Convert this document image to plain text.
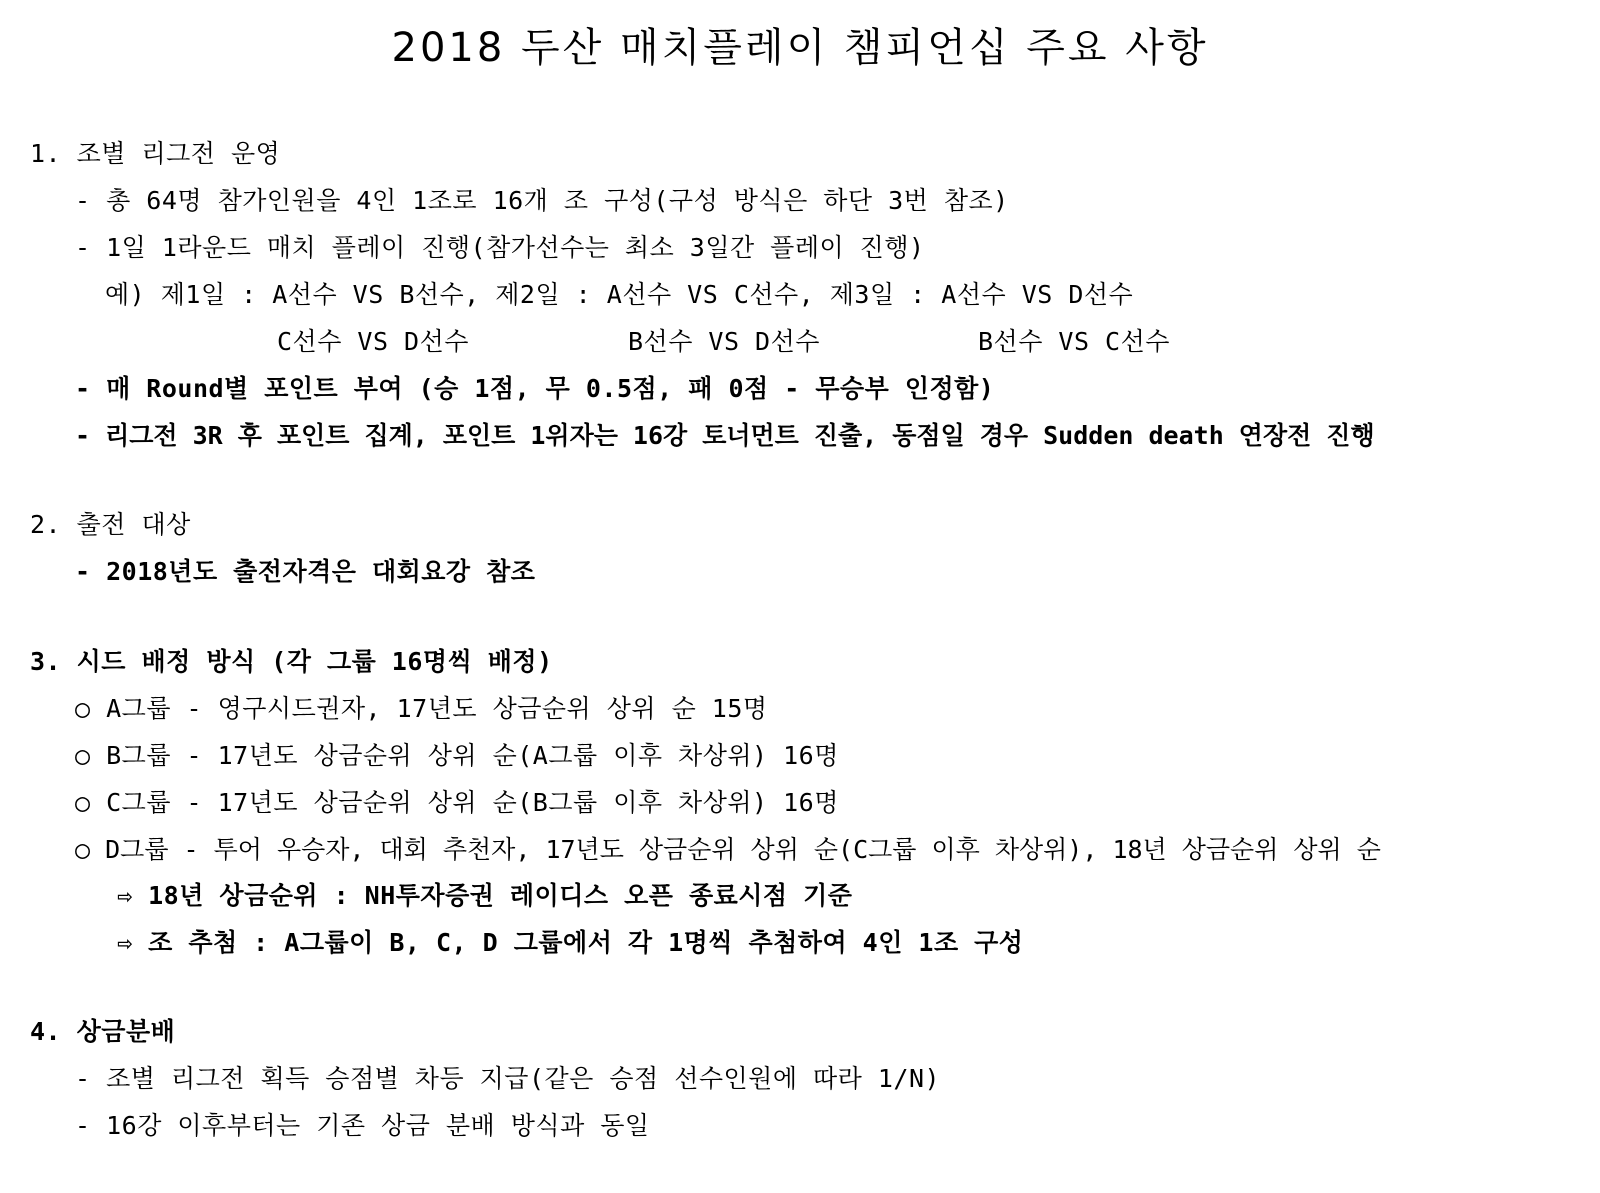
2018 두산 매치플레이 챔피언십 주요 사항
1. 조별 리그전 운영
- 총 64명 참가인원을 4인 1조로 16개 조 구성(구성 방식은 하단 3번 참조)
- 1일 1라운드 매치 플레이 진행(참가선수는 최소 3일간 플레이 진행)
예) 제1일 : A선수 VS B선수, 제2일 : A선수 VS C선수, 제3일 : A선수 VS D선수
C선수 VS D선수	B선수 VS D선수	B선수 VS C선수
- 매 Round별 포인트 부여 (승 1점, 무 0.5점, 패 0점 - 무승부 인정함)
- 리그전 3R 후 포인트 집계, 포인트 1위자는 16강 토너먼트 진출, 동점일 경우 Sudden death 연장전 진행
2. 출전 대상
- 2018년도 출전자격은 대회요강 참조
3. 시드 배정 방식 (각 그룹 16명씩 배정)
○ A그룹 - 영구시드권자, 17년도 상금순위 상위 순 15명
○ B그룹 - 17년도 상금순위 상위 순(A그룹 이후 차상위) 16명
○ C그룹 - 17년도 상금순위 상위 순(B그룹 이후 차상위) 16명
○ D그룹 - 투어 우승자, 대회 추천자, 17년도 상금순위 상위 순(C그룹 이후 차상위), 18년 상금순위 상위 순
⇨ 18년 상금순위 : NH투자증권 레이디스 오픈 종료시점 기준
⇨ 조 추첨 : A그룹이 B, C, D 그룹에서 각 1명씩 추첨하여 4인 1조 구성
4. 상금분배
- 조별 리그전 획득 승점별 차등 지급(같은 승점 선수인원에 따라 1/N)
- 16강 이후부터는 기존 상금 분배 방식과 동일
